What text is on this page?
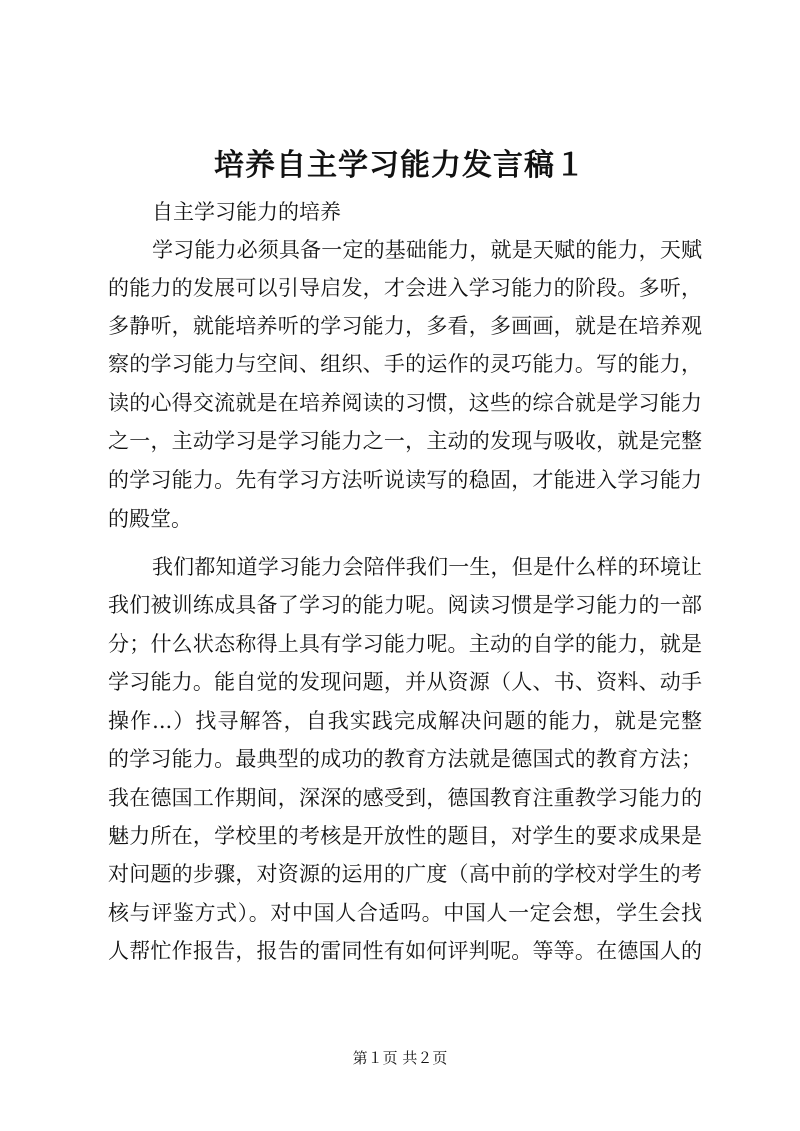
培养自主学习能力发言稿１
自主学习能力的培养
学习能力必须具备一定的基础能力，就是天赋的能力，天赋
的能力的发展可以引导启发，才会进入学习能力的阶段。多听，
多静听，就能培养听的学习能力，多看，多画画，就是在培养观
察的学习能力与空间、组织、手的运作的灵巧能力。写的能力，
读的心得交流就是在培养阅读的习惯，这些的综合就是学习能力
之一，主动学习是学习能力之一，主动的发现与吸收，就是完整
的学习能力。先有学习方法听说读写的稳固，才能进入学习能力
的殿堂。
我们都知道学习能力会陪伴我们一生，但是什么样的环境让
我们被训练成具备了学习的能力呢。阅读习惯是学习能力的一部
分；什么状态称得上具有学习能力呢。主动的自学的能力，就是
学习能力。能自觉的发现问题，并从资源（人、书、资料、动手
操作...）找寻解答，自我实践完成解决问题的能力，就是完整
的学习能力。最典型的成功的教育方法就是德国式的教育方法；
我在德国工作期间，深深的感受到，德国教育注重教学习能力的
魅力所在，学校里的考核是开放性的题目，对学生的要求成果是
对问题的步骤，对资源的运用的广度（高中前的学校对学生的考
核与评鉴方式）。对中国人合适吗。中国人一定会想，学生会找
人帮忙作报告，报告的雷同性有如何评判呢。等等。在德国人的
第１页 共２页
